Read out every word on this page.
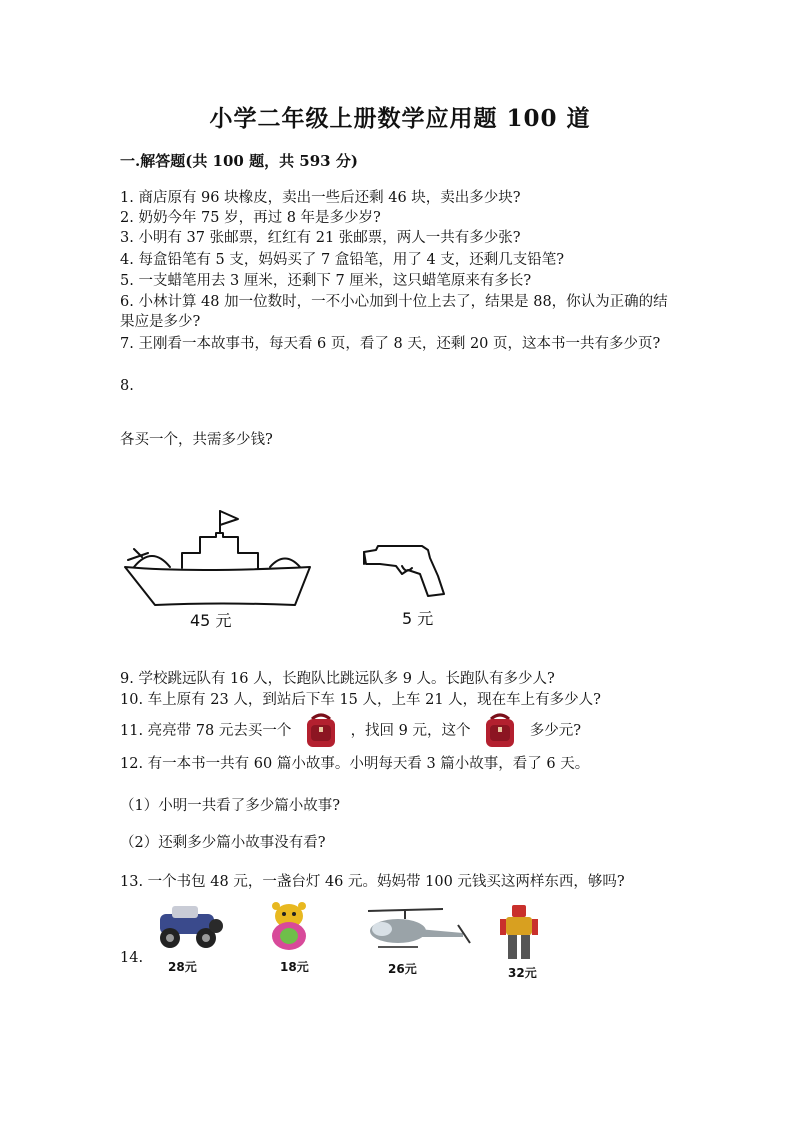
小学二年级上册数学应用题 100 道
一.解答题(共 100 题，共 593 分)
1. 商店原有 96 块橡皮，卖出一些后还剩 46 块，卖出多少块?
2. 奶奶今年 75 岁，再过 8 年是多少岁?
3. 小明有 37 张邮票，红红有 21 张邮票，两人一共有多少张?
4. 每盒铅笔有 5 支，妈妈买了 7 盒铅笔，用了 4 支，还剩几支铅笔?
5. 一支蜡笔用去 3 厘米，还剩下 7 厘米，这只蜡笔原来有多长?
6. 小林计算 48 加一位数时，一不小心加到十位上去了，结果是 88，你认为正确的结果应是多少?
7. 王刚看一本故事书，每天看 6 页，看了 8 天，还剩 20 页，这本书一共有多少页?
8.
各买一个，共需多少钱?
45 元	5 元
9. 学校跳远队有 16 人，长跑队比跳远队多 9 人。长跑队有多少人?
10. 车上原有 23 人，到站后下车 15 人，上车 21 人，现在车上有多少人?
11. 亮亮带 78 元去买一个	，找回 9 元，这个	多少元?
12. 有一本书一共有 60 篇小故事。小明每天看 3 篇小故事，看了 6 天。
（1）小明一共看了多少篇小故事?
（2）还剩多少篇小故事没有看?
13. 一个书包 48 元，一盏台灯 46 元。妈妈带 100 元钱买这两样东西，够吗?
14.
28元	18元	26元	32元
